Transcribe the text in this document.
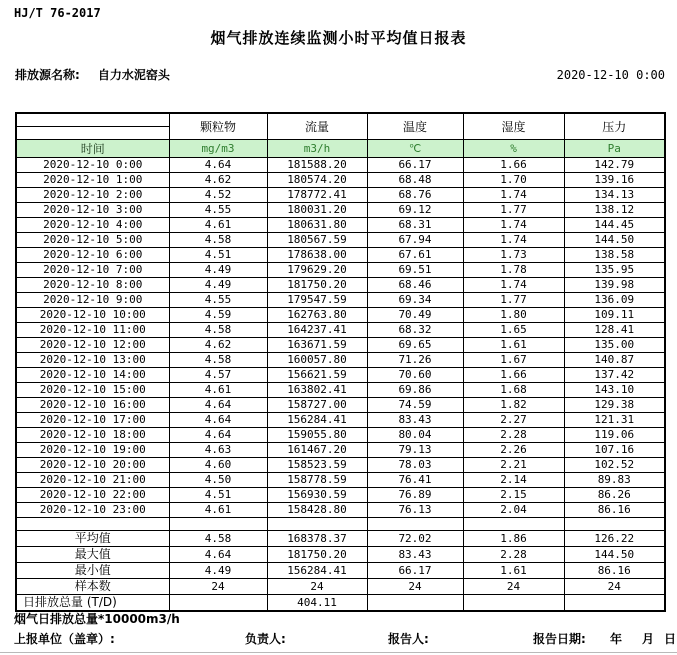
HJ/T 76-2017
烟气排放连续监测小时平均值日报表
排放源名称: 自力水泥窑头	2020-12-10 0:00
	颗粒物	流量	温度	湿度	压力

时间	mg/m3	m3/h	℃	%	Pa
2020-12-10 0:00	4.64	181588.20	66.17	1.66	142.79
2020-12-10 1:00	4.62	180574.20	68.48	1.70	139.16
2020-12-10 2:00	4.52	178772.41	68.76	1.74	134.13
2020-12-10 3:00	4.55	180031.20	69.12	1.77	138.12
2020-12-10 4:00	4.61	180631.80	68.31	1.74	144.45
2020-12-10 5:00	4.58	180567.59	67.94	1.74	144.50
2020-12-10 6:00	4.51	178638.00	67.61	1.73	138.58
2020-12-10 7:00	4.49	179629.20	69.51	1.78	135.95
2020-12-10 8:00	4.49	181750.20	68.46	1.74	139.98
2020-12-10 9:00	4.55	179547.59	69.34	1.77	136.09
2020-12-10 10:00	4.59	162763.80	70.49	1.80	109.11
2020-12-10 11:00	4.58	164237.41	68.32	1.65	128.41
2020-12-10 12:00	4.62	163671.59	69.65	1.61	135.00
2020-12-10 13:00	4.58	160057.80	71.26	1.67	140.87
2020-12-10 14:00	4.57	156621.59	70.60	1.66	137.42
2020-12-10 15:00	4.61	163802.41	69.86	1.68	143.10
2020-12-10 16:00	4.64	158727.00	74.59	1.82	129.38
2020-12-10 17:00	4.64	156284.41	83.43	2.27	121.31
2020-12-10 18:00	4.64	159055.80	80.04	2.28	119.06
2020-12-10 19:00	4.63	161467.20	79.13	2.26	107.16
2020-12-10 20:00	4.60	158523.59	78.03	2.21	102.52
2020-12-10 21:00	4.50	158778.59	76.41	2.14	89.83
2020-12-10 22:00	4.51	156930.59	76.89	2.15	86.26
2020-12-10 23:00	4.61	158428.80	76.13	2.04	86.16

平均值	4.58	168378.37	72.02	1.86	126.22
最大值	4.64	181750.20	83.43	2.28	144.50
最小值	4.49	156284.41	66.17	1.61	86.16
样本数	24	24	24	24	24
日排放总量 (T/D)		404.11			
烟气日排放总量*10000m3/h
上报单位（盖章）:	负责人:	报告人:	报告日期: 年 月 日
